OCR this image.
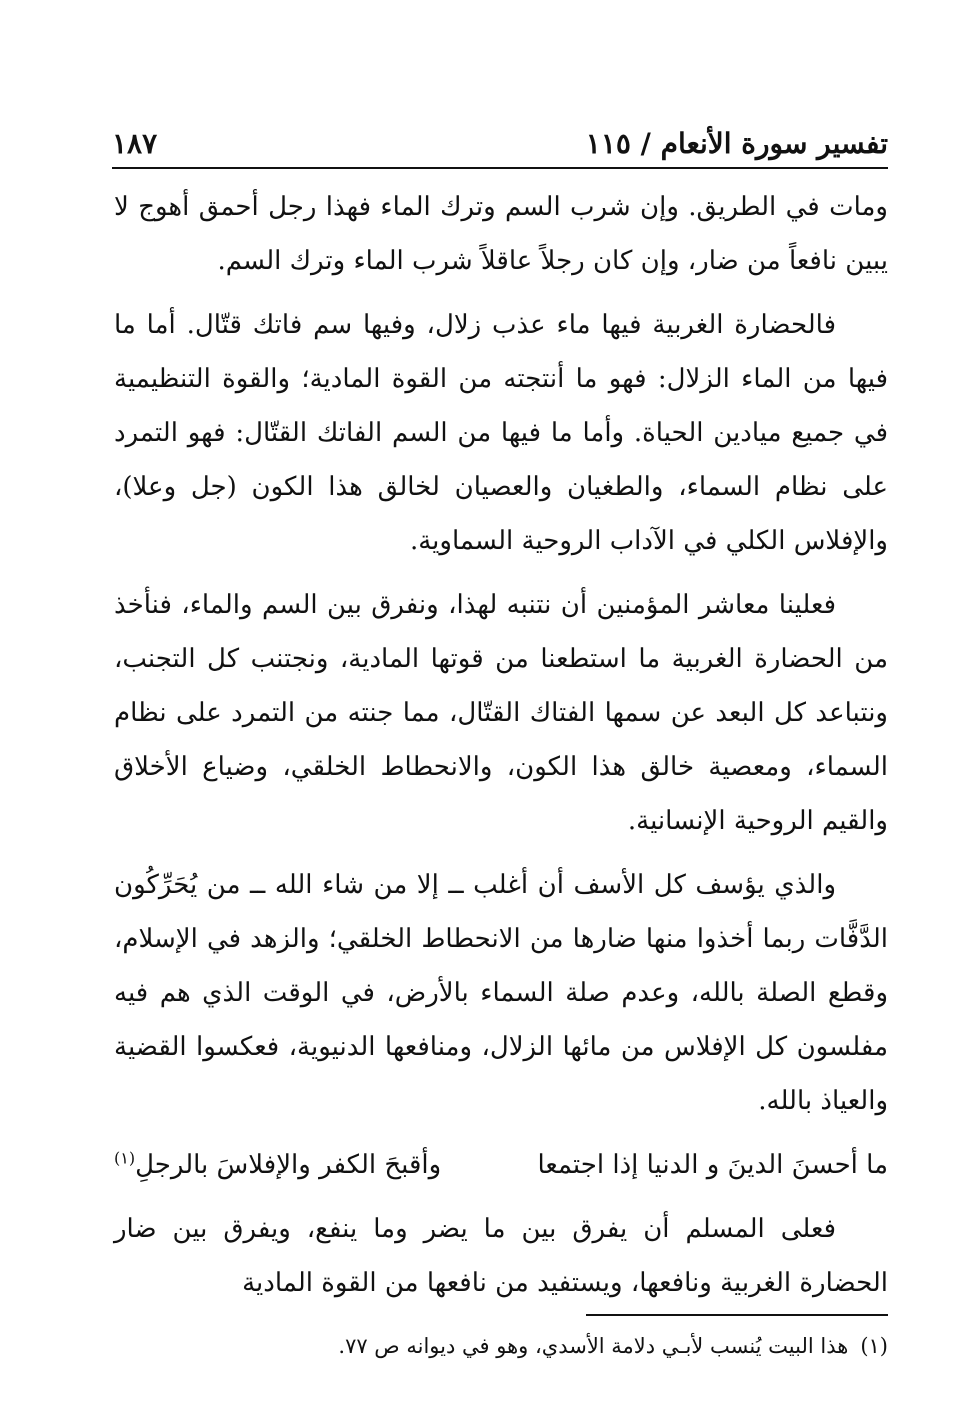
تفسير سورة الأنعام / ١١٥
١٨٧

ومات في الطريق. وإن شرب السم وترك الماء فهذا رجل أحمق أهوج لا يبين نافعاً من ضار، وإن كان رجلاً عاقلاً شرب الماء وترك السم.

فالحضارة الغربية فيها ماء عذب زلال، وفيها سم فاتك قتّال. أما ما فيها من الماء الزلال: فهو ما أنتجته من القوة المادية؛ والقوة التنظيمية في جميع ميادين الحياة. وأما ما فيها من السم الفاتك القتّال: فهو التمرد على نظام السماء، والطغيان والعصيان لخالق هذا الكون (جل وعلا)، والإفلاس الكلي في الآداب الروحية السماوية.

فعلينا معاشر المؤمنين أن نتنبه لهذا، ونفرق بين السم والماء، فنأخذ من الحضارة الغربية ما استطعنا من قوتها المادية، ونجتنب كل التجنب، ونتباعد كل البعد عن سمها الفتاك القتّال، مما جنته من التمرد على نظام السماء، ومعصية خالق هذا الكون، والانحطاط الخلقي، وضياع الأخلاق والقيم الروحية الإنسانية.

والذي يؤسف كل الأسف أن أغلب ــ إلا من شاء الله ــ من يُحَرِّكُون الدَّفَّات ربما أخذوا منها ضارها من الانحطاط الخلقي؛ والزهد في الإسلام، وقطع الصلة بالله، وعدم صلة السماء بالأرض، في الوقت الذي هم فيه مفلسون كل الإفلاس من مائها الزلال، ومنافعها الدنيوية، فعكسوا القضية والعياذ بالله.

ما أحسنَ الدينَ و الدنيا إذا اجتمعا
وأقبحَ الكفر والإفلاسَ بالرجلِ$^{(١)}$

فعلى المسلم أن يفرق بين ما يضر وما ينفع، ويفرق بين ضار الحضارة الغربية ونافعها، ويستفيد من نافعها من القوة المادية

(١)هذا البيت يُنسب لأبـي دلامة الأسدي، وهو في ديوانه ص ٧٧.
